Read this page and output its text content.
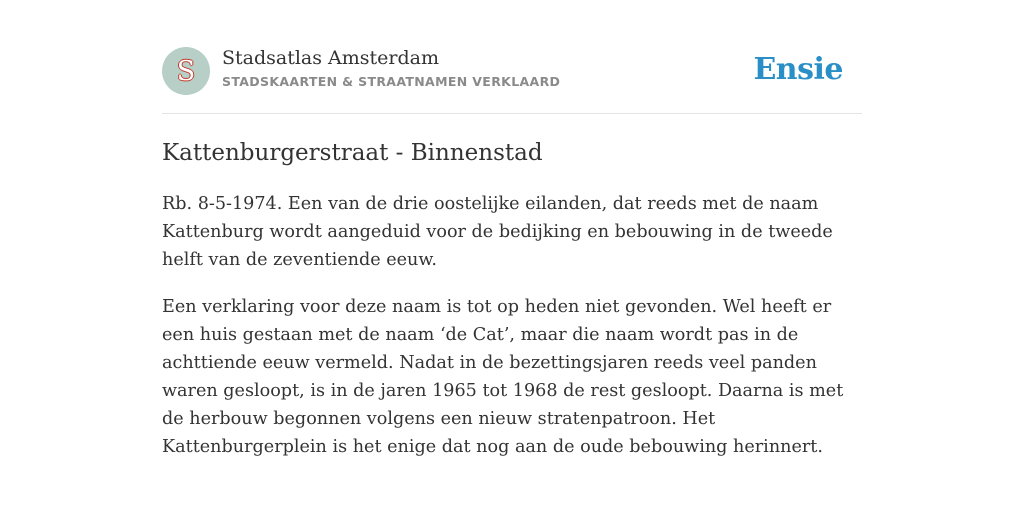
S	Stadsatlas Amsterdam
STADSKAARTEN & STRAATNAMEN VERKLAARD	Ensie
Kattenburgerstraat - Binnenstad

Rb. 8-5-1974. Een van de drie oostelijke eilanden, dat reeds met de naam Kattenburg wordt aangeduid voor de bedijking en bebouwing in de tweede helft van de zeventiende eeuw.

Een verklaring voor deze naam is tot op heden niet gevonden. Wel heeft er een huis gestaan met de naam ‘de Cat’, maar die naam wordt pas in de achttiende eeuw vermeld. Nadat in de bezettingsjaren reeds veel panden waren gesloopt, is in de jaren 1965 tot 1968 de rest gesloopt. Daarna is met de herbouw begonnen volgens een nieuw stratenpatroon. Het Kattenburgerplein is het enige dat nog aan de oude bebouwing herinnert.
